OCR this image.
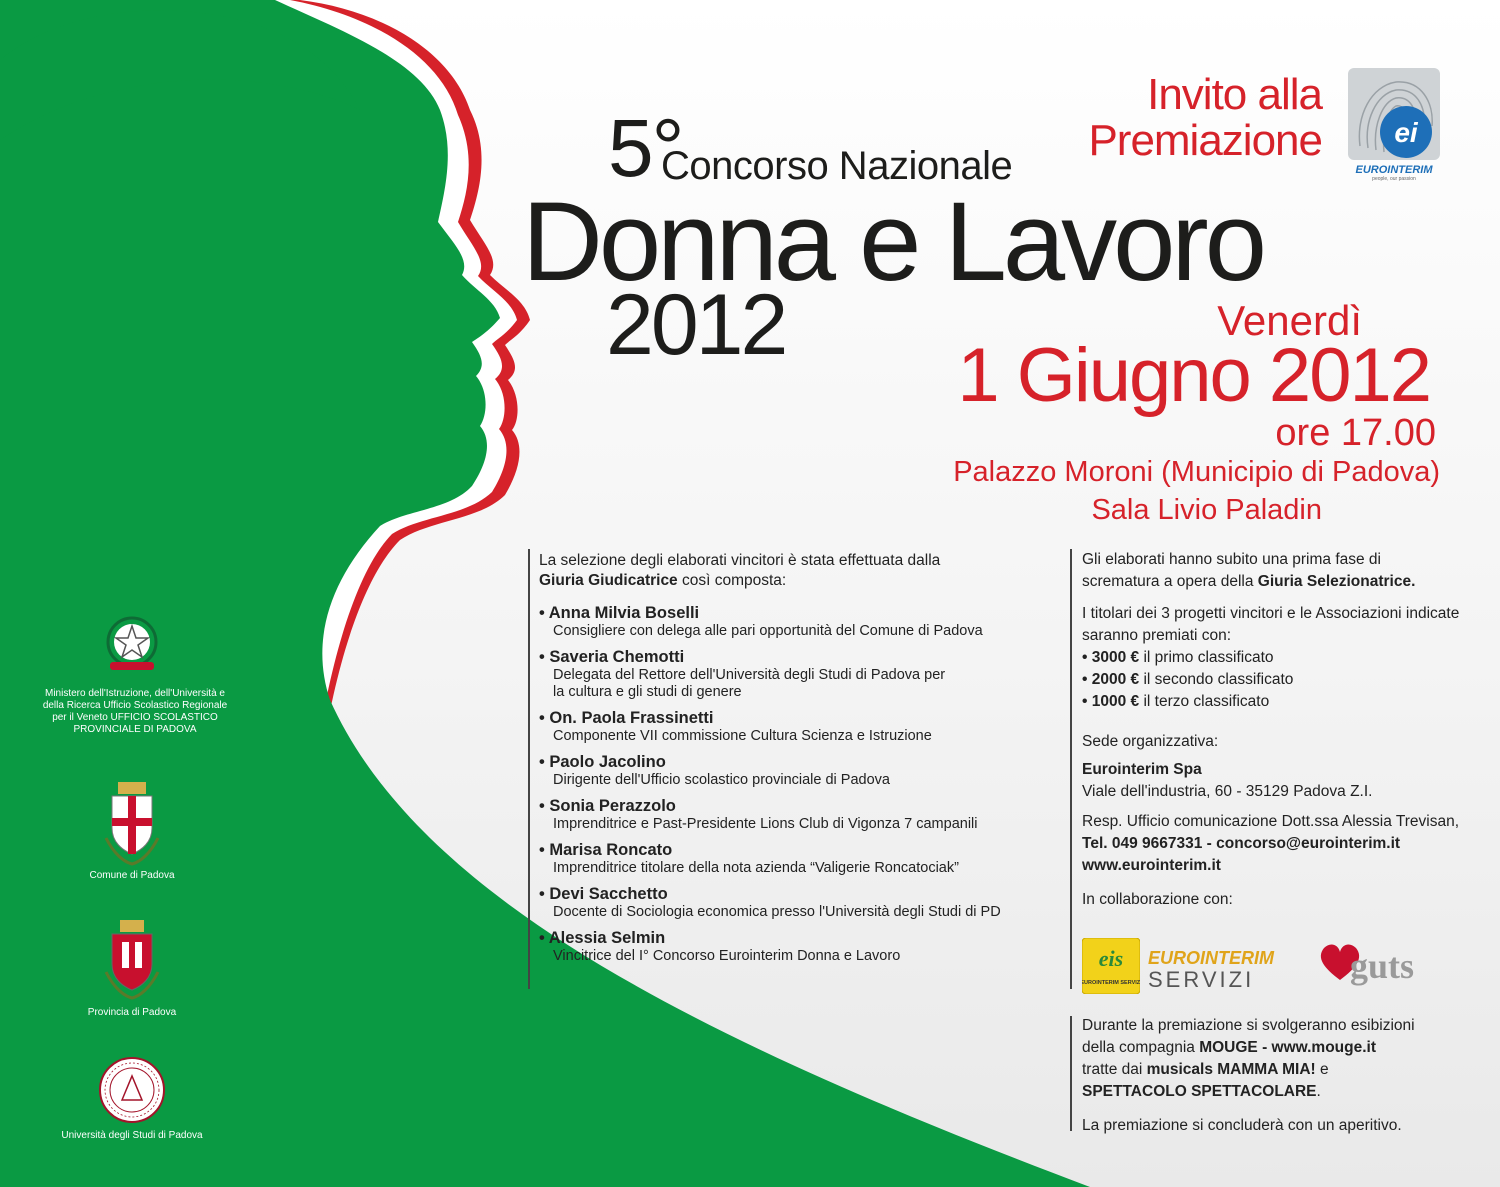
5°
Concorso Nazionale
Donna e Lavoro
2012
Invito alla
Premiazione	ei
EUROINTERIM
people, our passion
Venerdì
1 Giugno 2012
ore 17.00
Palazzo Moroni (Municipio di Padova)
Sala Livio Paladin

La selezione degli elaborati vincitori è stata effettuata dalla
Giuria Giudicatrice così composta:

• Anna Milvia Boselli
Consigliere con delega alle pari opportunità del Comune di Padova
• Saveria Chemotti
Delegata del Rettore dell'Università degli Studi di Padova per la cultura e gli studi di genere
• On. Paola Frassinetti
Componente VII commissione Cultura Scienza e Istruzione
• Paolo Jacolino
Dirigente dell'Ufficio scolastico provinciale di Padova
• Sonia Perazzolo
Imprenditrice e Past-Presidente Lions Club di Vigonza 7 campanili
• Marisa Roncato
Imprenditrice titolare della nota azienda “Valigerie Roncatociak”
• Devi Sacchetto
Docente di Sociologia economica presso l'Università degli Studi di PD
• Alessia Selmin
Vincitrice del I° Concorso Eurointerim Donna e Lavoro

Gli elaborati hanno subito una prima fase di scrematura a opera della Giuria Selezionatrice.

I titolari dei 3 progetti vincitori e le Associazioni indicate saranno premiati con:

• 3000 € il primo classificato

• 2000 € il secondo classificato

• 1000 € il terzo classificato

Sede organizzativa:

Eurointerim Spa

Viale dell'industria, 60 - 35129 Padova Z.I.

Resp. Ufficio comunicazione Dott.ssa Alessia Trevisan,

Tel. 049 9667331 - concorso@eurointerim.it

www.eurointerim.it

In collaborazione con:

eis
EUROINTERIM SERVIZI
EUROINTERIM
SERVIZI	guts

Durante la premiazione si svolgeranno esibizioni

della compagnia MOUGE - www.mouge.it

tratte dai musicals MAMMA MIA! e

SPETTACOLO SPETTACOLARE.

La premiazione si concluderà con un aperitivo.

Ministero dell'Istruzione, dell'Università e della Ricerca Ufficio Scolastico Regionale per il Veneto UFFICIO SCOLASTICO PROVINCIALE DI PADOVA
Comune di Padova
Provincia di Padova
Università degli Studi di Padova
